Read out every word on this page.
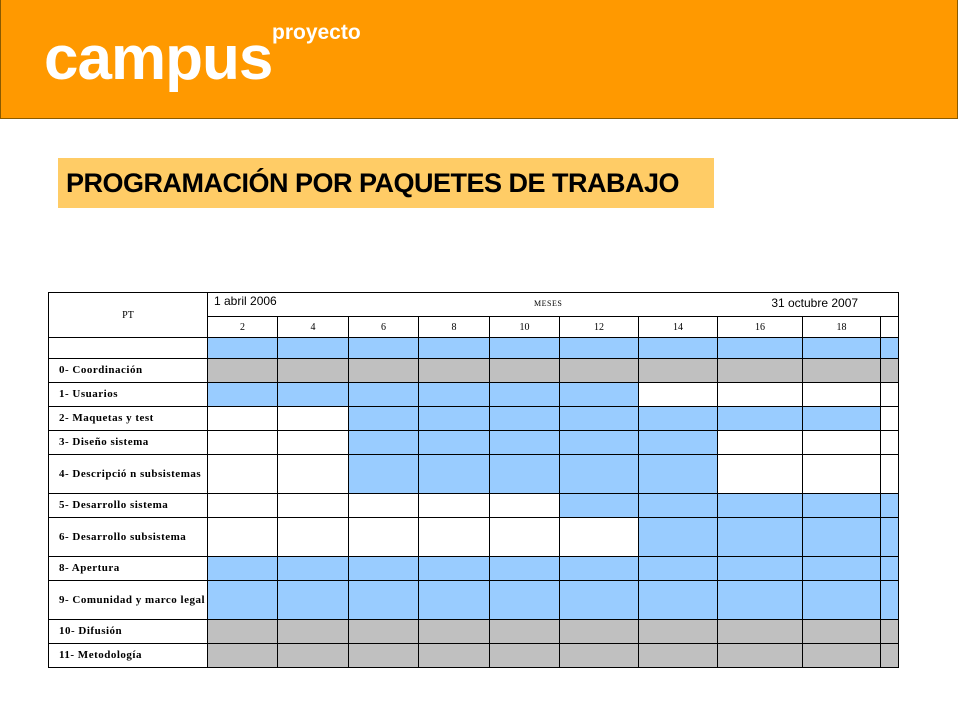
campus proyecto
PROGRAMACIÓN POR PAQUETES DE TRABAJO
PT	1 abril 2006 MESES 31 octubre 2007									

	2	4	6	8	10	12	14	16	18	

0- Coordinación										
1- Usuarios										
2- Maquetas y test										
3- Diseño sistema										
4- Descripció n subsistemas										
5- Desarrollo sistema										
6- Desarrollo subsistema										
8- Apertura										
9- Comunidad y marco legal										
10- Difusión										
11- Metodología										
